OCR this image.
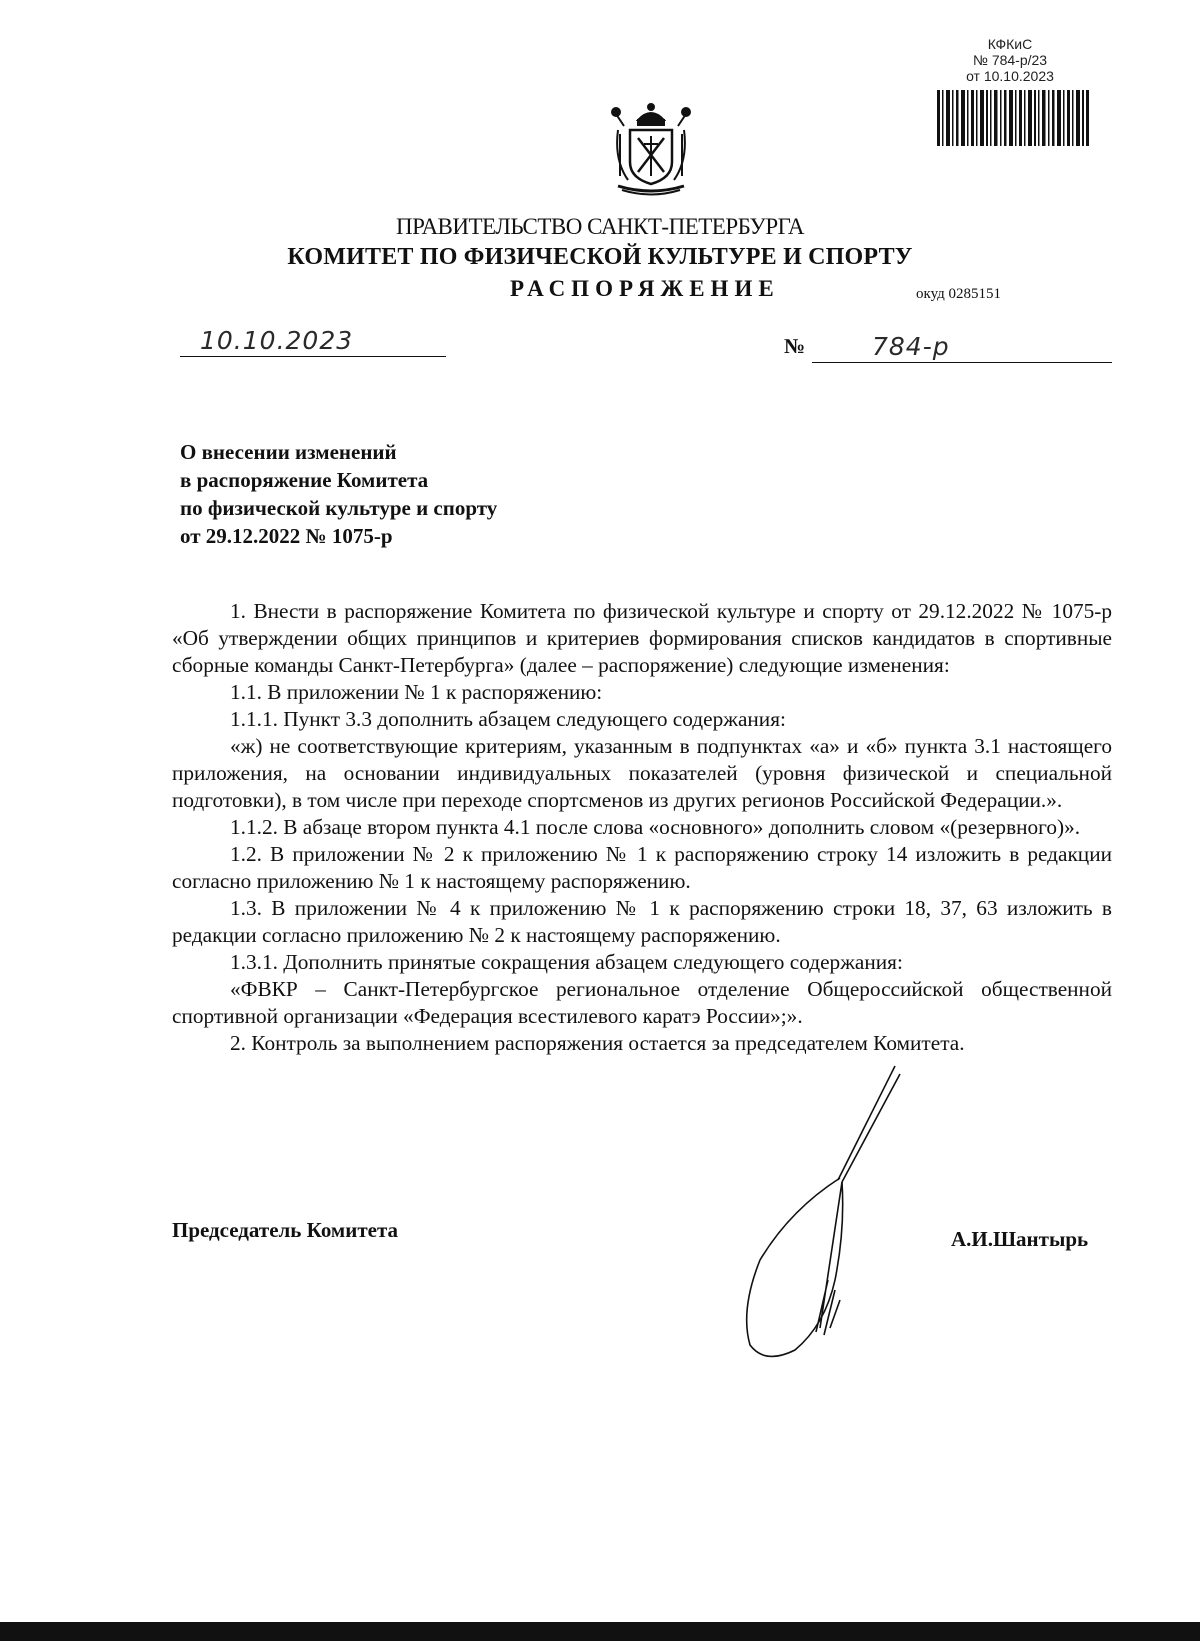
КФКиС
№ 784-р/23
от 10.10.2023
ПРАВИТЕЛЬСТВО САНКТ-ПЕТЕРБУРГА
КОМИТЕТ ПО ФИЗИЧЕСКОЙ КУЛЬТУРЕ И СПОРТУ
РАСПОРЯЖЕНИЕ	окуд 0285151
10.10.2023	№	784-р
О внесении изменений
в распоряжение Комитета
по физической культуре и спорту
от 29.12.2022 № 1075-р

1. Внести в распоряжение Комитета по физической культуре и спорту от 29.12.2022 № 1075-р «Об утверждении общих принципов и критериев формирования списков кандидатов в спортивные сборные команды Санкт-Петербурга» (далее – распоряжение) следующие изменения:

1.1. В приложении № 1 к распоряжению:

1.1.1. Пункт 3.3 дополнить абзацем следующего содержания:

«ж) не соответствующие критериям, указанным в подпунктах «а» и «б» пункта 3.1 настоящего приложения, на основании индивидуальных показателей (уровня физической и специальной подготовки), в том числе при переходе спортсменов из других регионов Российской Федерации.».

1.1.2. В абзаце втором пункта 4.1 после слова «основного» дополнить словом «(резервного)».

1.2. В приложении № 2 к приложению № 1 к распоряжению строку 14 изложить в редакции согласно приложению № 1 к настоящему распоряжению.

1.3. В приложении № 4 к приложению № 1 к распоряжению строки 18, 37, 63 изложить в редакции согласно приложению № 2 к настоящему распоряжению.

1.3.1. Дополнить принятые сокращения абзацем следующего содержания:

«ФВКР – Санкт-Петербургское региональное отделение Общероссийской общественной спортивной организации «Федерация всестилевого каратэ России»;».

2. Контроль за выполнением распоряжения остается за председателем Комитета.

Председатель Комитета	А.И.Шантырь
